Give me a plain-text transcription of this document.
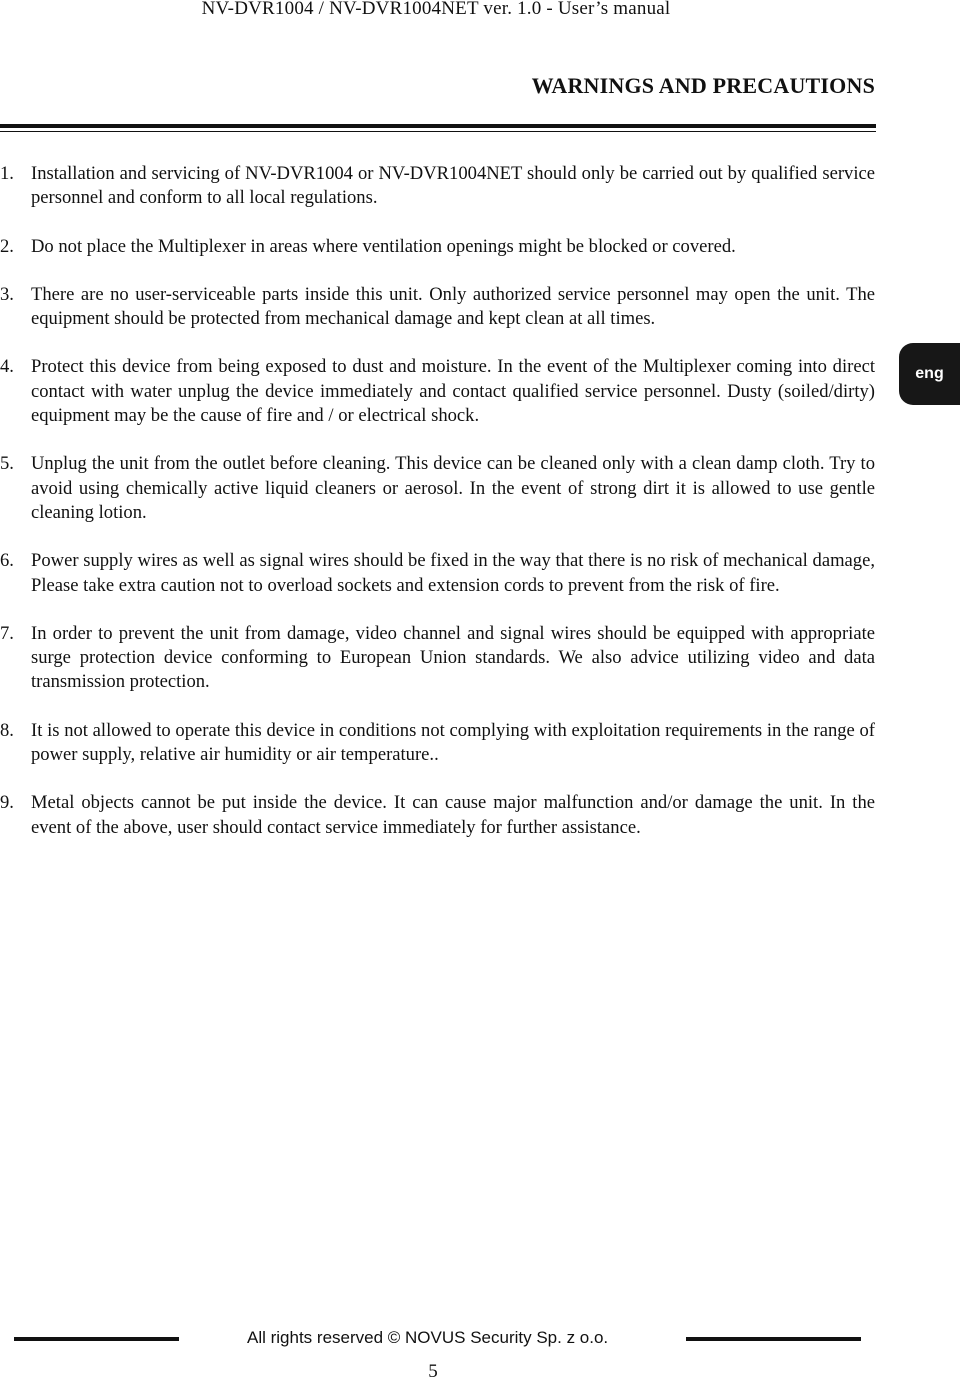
NV-DVR1004 / NV-DVR1004NET ver. 1.0 - User’s manual
WARNINGS AND PRECAUTIONS
1. Installation and servicing of NV-DVR1004 or NV-DVR1004NET should only be carried out by qualified service personnel and conform to all local regulations.
2. Do not place the Multiplexer in areas where ventilation openings might be blocked or covered.
3. There are no user-serviceable parts inside this unit. Only authorized service personnel may open the unit. The equipment should be protected from mechanical damage and kept clean at all times.
4. Protect this device from being exposed to dust and moisture. In the event of the Multiplexer coming into direct contact with water unplug the device immediately and contact qualified service personnel. Dusty (soiled/dirty) equipment may be the cause of fire and / or electrical shock.
5. Unplug the unit from the outlet before cleaning. This device can be cleaned only with a clean damp cloth. Try to avoid using chemically active liquid cleaners or aerosol. In the event of strong dirt it is allowed to use gentle cleaning lotion.
6. Power supply wires as well as signal wires should be fixed in the way that there is no risk of mechanical damage, Please take extra caution not to overload sockets and extension cords to prevent from the risk of fire.
7. In order to prevent the unit from damage, video channel and signal wires should be equipped with appropriate surge protection device conforming to European Union standards. We also advice utilizing video and data transmission protection.
8. It is not allowed to operate this device in conditions not complying with exploitation requirements in the range of power supply, relative air humidity or air temperature..
9. Metal objects cannot be put inside the device. It can cause major malfunction and/or damage the unit. In the event of the above, user should contact service immediately for further assistance.
eng
All rights reserved © NOVUS Security Sp. z o.o.
5
